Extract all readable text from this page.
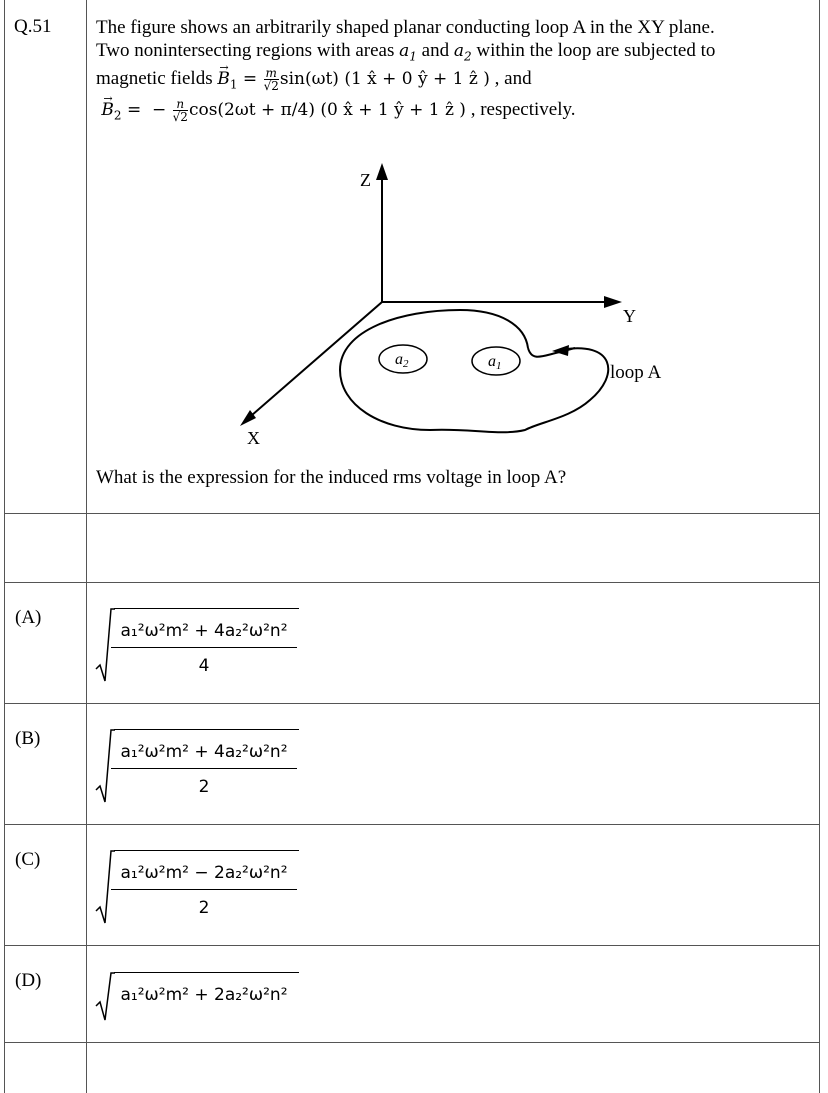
Q.51 The figure shows an arbitrarily shaped planar conducting loop A in the XY plane.

Two nonintersecting regions with areas $a_1$ and $a_2$ within the loop are subjected to

magnetic fields → $B_1 = \frac{m}{√2} \sin(\omega t)$ (1 x̂ + 0 ŷ + 1 ẑ ) , and

→ $B_2$ =  − $\frac{n}{√2} \cos(2\omega t + \pi/4)$ (0 x̂ + 1 ŷ + 1 ẑ ) , respectively.

Z
Y
X
a2	a1	loop A
What is the expression for the induced rms voltage in loop A?
(A)
a₁²ω²m² + 4a₂²ω²n²
4
(B)
a₁²ω²m² + 4a₂²ω²n²
2
(C)
a₁²ω²m² − 2a₂²ω²n²
2
(D)
a₁²ω²m² + 2a₂²ω²n²
